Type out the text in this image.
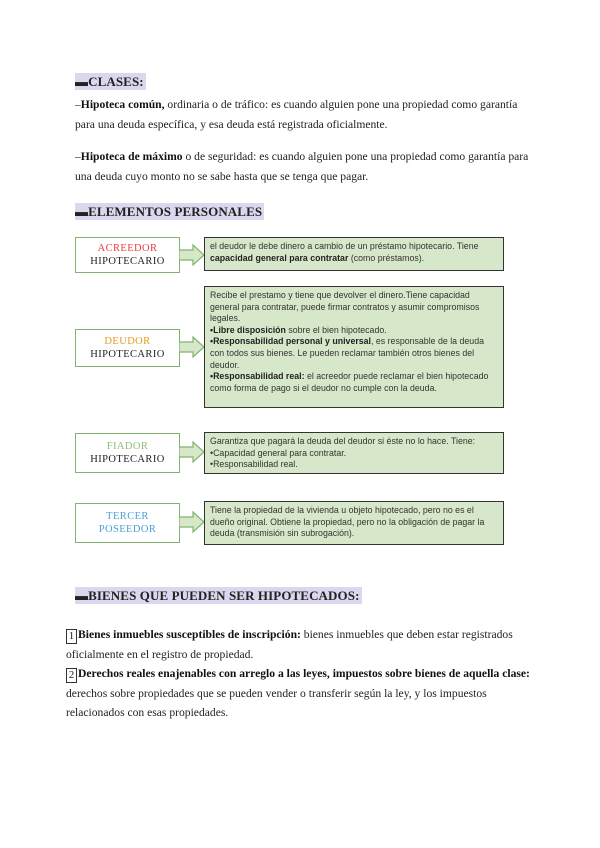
▬CLASES:
–Hipoteca común, ordinaria o de tráfico: es cuando alguien pone una propiedad como garantía para una deuda específica, y esa deuda está registrada oficialmente.
–Hipoteca de máximo o de seguridad: es cuando alguien pone una propiedad como garantía para una deuda cuyo monto no se sabe hasta que se tenga que pagar.
▬ELEMENTOS PERSONALES
ACREEDOR
HIPOTECARIO
el deudor le debe dinero a cambio de un préstamo hipotecario. Tiene capacidad general para contratar (como préstamos).
DEUDOR
HIPOTECARIO
Recibe el prestamo y tiene que devolver el dinero.Tiene capacidad general para contratar, puede firmar contratos y asumir compromisos legales.
•Libre disposición sobre el bien hipotecado.
•Responsabilidad personal y universal, es responsable de la deuda con todos sus bienes. Le pueden reclamar también otros bienes del deudor.
•Responsabilidad real: el acreedor puede reclamar el bien hipotecado como forma de pago si el deudor no cumple con la deuda.
FIADOR
HIPOTECARIO
Garantiza que pagará la deuda del deudor si éste no lo hace. Tiene:
•Capacidad general para contratar.
•Responsabilidad real.
TERCER
POSEEDOR
Tiene la propiedad de la vivienda u objeto hipotecado, pero no es el dueño original. Obtiene la propiedad, pero no la obligación de pagar la deuda (transmisión sin subrogación).
▬BIENES QUE PUEDEN SER HIPOTECADOS:
1 Bienes inmuebles susceptibles de inscripción: bienes inmuebles que deben estar registrados oficialmente en el registro de propiedad.
2 Derechos reales enajenables con arreglo a las leyes, impuestos sobre bienes de aquella clase: derechos sobre propiedades que se pueden vender o transferir según la ley, y los impuestos relacionados con esas propiedades.
